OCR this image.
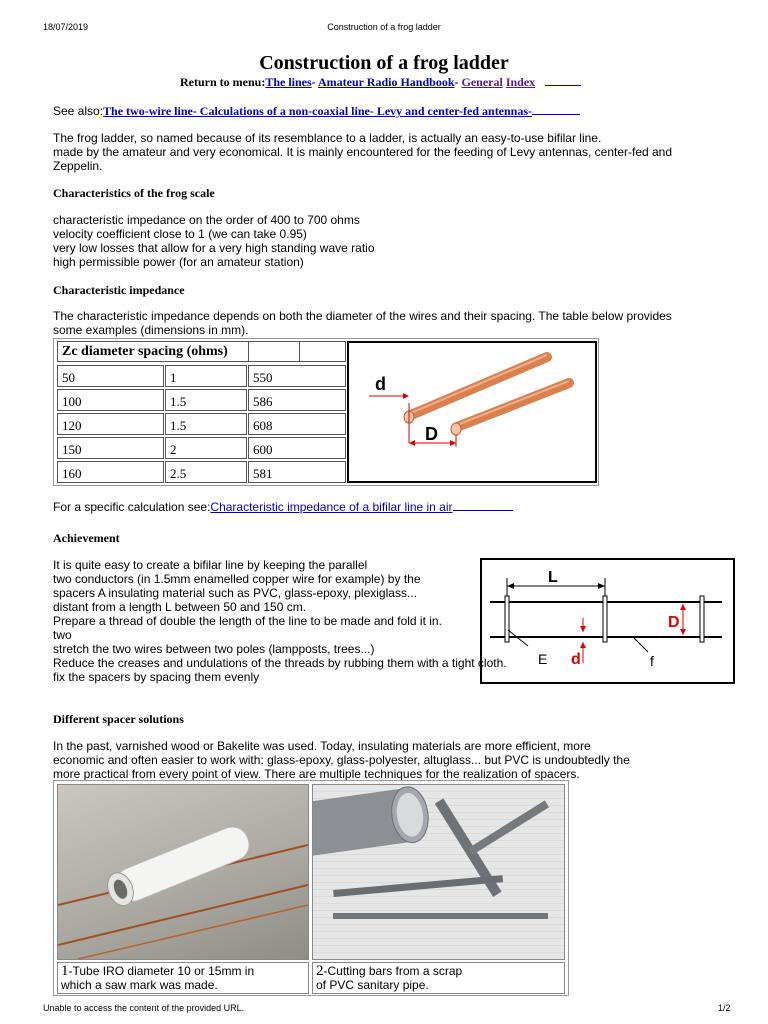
18/07/2019	Construction of a frog ladder
Construction of a frog ladder
Return to menu:The lines- Amateur Radio Handbook- General Index
See also:The two-wire line- Calculations of a non-coaxial line- Levy and center-fed antennas-
The frog ladder, so named because of its resemblance to a ladder, is actually an easy-to-use bifilar line.
made by the amateur and very economical. It is mainly encountered for the feeding of Levy antennas, center-fed and
Zeppelin.
Characteristics of the frog scale
characteristic impedance on the order of 400 to 700 ohms
velocity coefficient close to 1 (we can take 0.95)
very low losses that allow for a very high standing wave ratio
high permissible power (for an amateur station)
Characteristic impedance
The characteristic impedance depends on both the diameter of the wires and their spacing. The table below provides
some examples (dimensions in mm).
Zc diameter spacing (ohms)
50	1	550
100	1.5	586
120	1.5	608
150	2	600
160	2.5	581
d
D
For a specific calculation see:Characteristic impedance of a bifilar line in air
Achievement
It is quite easy to create a bifilar line by keeping the parallel
two conductors (in 1.5mm enamelled copper wire for example) by the
spacers A insulating material such as PVC, glass-epoxy, plexiglass...
distant from a length L between 50 and 150 cm.
Prepare a thread of double the length of the line to be made and fold it in.
two
stretch the two wires between two poles (lampposts, trees...)
Reduce the creases and undulations of the threads by rubbing them with a tight cloth.
fix the spacers by spacing them evenly
L
D
d
E	f
Different spacer solutions
In the past, varnished wood or Bakelite was used. Today, insulating materials are more efficient, more
economic and often easier to work with: glass-epoxy, glass-polyester, altuglass... but PVC is undoubtedly the
more practical from every point of view. There are multiple techniques for the realization of spacers.
1-Tube IRO diameter 10 or 15mm in
which a saw mark was made.
2-Cutting bars from a scrap
of PVC sanitary pipe.
Unable to access the content of the provided URL.	1/2
